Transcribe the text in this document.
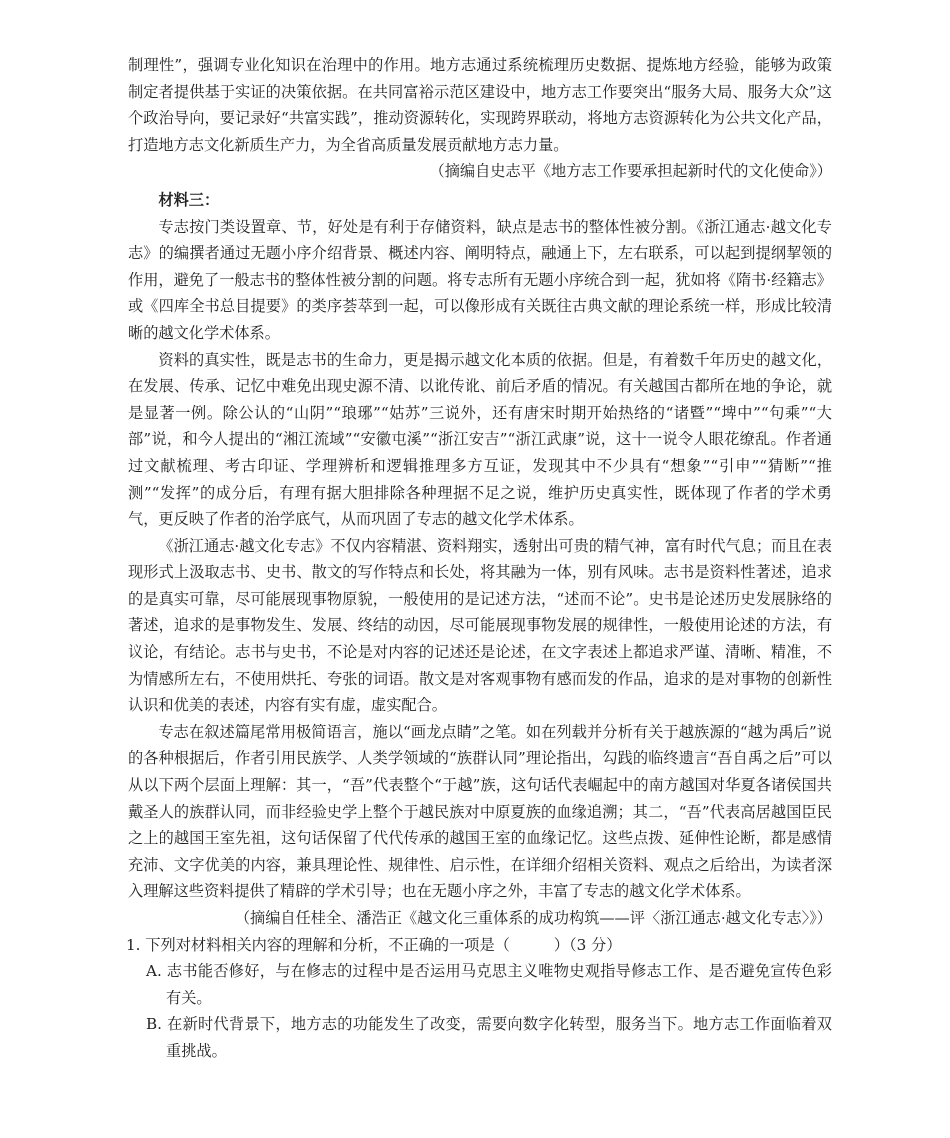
制理性”，强调专业化知识在治理中的作用。地方志通过系统梳理历史数据、提炼地方经验，能够为政策制定者提供基于实证的决策依据。在共同富裕示范区建设中，地方志工作要突出“服务大局、服务大众”这个政治导向，要记录好“共富实践”，推动资源转化，实现跨界联动，将地方志资源转化为公共文化产品，打造地方志文化新质生产力，为全省高质量发展贡献地方志力量。

（摘编自史志平《地方志工作要承担起新时代的文化使命》）

材料三：

专志按门类设置章、节，好处是有利于存储资料，缺点是志书的整体性被分割。《浙江通志·越文化专志》的编撰者通过无题小序介绍背景、概述内容、阐明特点，融通上下，左右联系，可以起到提纲挈领的作用，避免了一般志书的整体性被分割的问题。将专志所有无题小序统合到一起，犹如将《隋书·经籍志》或《四库全书总目提要》的类序荟萃到一起，可以像形成有关既往古典文献的理论系统一样，形成比较清晰的越文化学术体系。

资料的真实性，既是志书的生命力，更是揭示越文化本质的依据。但是，有着数千年历史的越文化，在发展、传承、记忆中难免出现史源不清、以讹传讹、前后矛盾的情况。有关越国古都所在地的争论，就是显著一例。除公认的“山阴”“琅琊”“姑苏”三说外，还有唐宋时期开始热络的“诸暨”“埤中”“句乘”“大部”说，和今人提出的“湘江流域”“安徽屯溪”“浙江安吉”“浙江武康”说，这十一说令人眼花缭乱。作者通过文献梳理、考古印证、学理辨析和逻辑推理多方互证，发现其中不少具有“想象”“引申”“猜断”“推测”“发挥”的成分后，有理有据大胆排除各种理据不足之说，维护历史真实性，既体现了作者的学术勇气，更反映了作者的治学底气，从而巩固了专志的越文化学术体系。

《浙江通志·越文化专志》不仅内容精湛、资料翔实，透射出可贵的精气神，富有时代气息；而且在表现形式上汲取志书、史书、散文的写作特点和长处，将其融为一体，别有风味。志书是资料性著述，追求的是真实可靠，尽可能展现事物原貌，一般使用的是记述方法，“述而不论”。史书是论述历史发展脉络的著述，追求的是事物发生、发展、终结的动因，尽可能展现事物发展的规律性，一般使用论述的方法，有议论，有结论。志书与史书，不论是对内容的记述还是论述，在文字表述上都追求严谨、清晰、精准，不为情感所左右，不使用烘托、夸张的词语。散文是对客观事物有感而发的作品，追求的是对事物的创新性认识和优美的表述，内容有实有虚，虚实配合。

专志在叙述篇尾常用极简语言，施以“画龙点睛”之笔。如在列载并分析有关于越族源的“越为禹后”说的各种根据后，作者引用民族学、人类学领域的“族群认同”理论指出，勾践的临终遗言“吾自禹之后”可以从以下两个层面上理解：其一，“吾”代表整个“于越”族，这句话代表崛起中的南方越国对华夏各诸侯国共戴圣人的族群认同，而非经验史学上整个于越民族对中原夏族的血缘追溯；其二，“吾”代表高居越国臣民之上的越国王室先祖，这句话保留了代代传承的越国王室的血缘记忆。这些点拨、延伸性论断，都是感情充沛、文字优美的内容，兼具理论性、规律性、启示性，在详细介绍相关资料、观点之后给出，为读者深入理解这些资料提供了精辟的学术引导；也在无题小序之外，丰富了专志的越文化学术体系。

（摘编自任桂全、潘浩正《越文化三重体系的成功构筑——评〈浙江通志·越文化专志〉》）

1. 下列对材料相关内容的理解和分析，不正确的一项是（	）（3 分）

A. 志书能否修好，与在修志的过程中是否运用马克思主义唯物史观指导修志工作、是否避免宣传色彩有关。

B. 在新时代背景下，地方志的功能发生了改变，需要向数字化转型，服务当下。地方志工作面临着双重挑战。
